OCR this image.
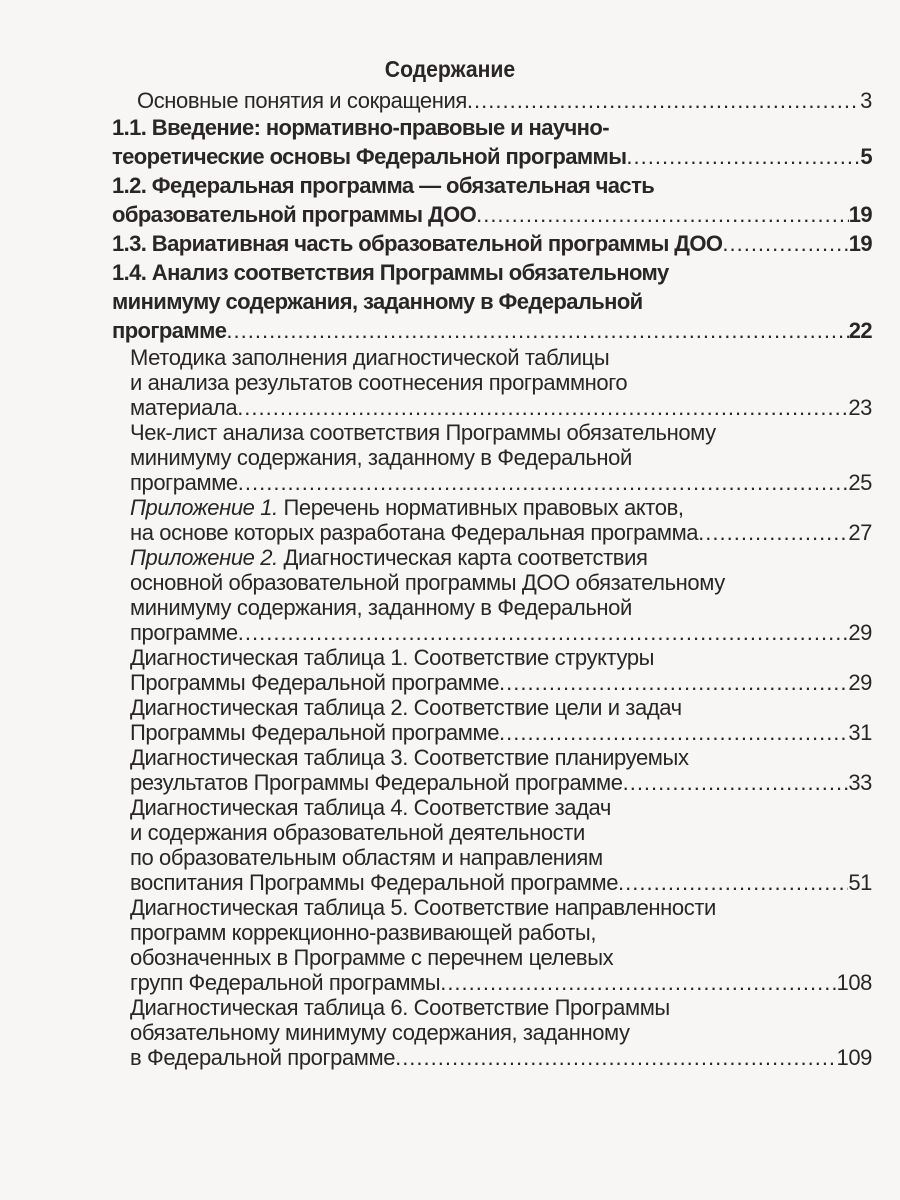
Содержание
Основные понятия и сокращения .....	3
1.1. Введение: нормативно-правовые и научно-
теоретические основы Федеральной программы .....	5
1.2. Федеральная программа — обязательная часть
образовательной программы ДОО .....	19
1.3. Вариативная часть образовательной программы ДОО .....	19
1.4. Анализ соответствия Программы обязательному
минимуму содержания, заданному в Федеральной
программе .....	22
Методика заполнения диагностической таблицы
и анализа результатов соотнесения программного
материала .....	23
Чек-лист анализа соответствия Программы обязательному
минимуму содержания, заданному в Федеральной
программе .....	25
Приложение 1. Перечень нормативных правовых актов,
на основе которых разработана Федеральная программа .....	27
Приложение 2. Диагностическая карта соответствия
основной образовательной программы ДОО обязательному
минимуму содержания, заданному в Федеральной
программе .....	29
Диагностическая таблица 1. Соответствие структуры
Программы Федеральной программе .....	29
Диагностическая таблица 2. Соответствие цели и задач
Программы Федеральной программе .....	31
Диагностическая таблица 3. Соответствие планируемых
результатов Программы Федеральной программе .....	33
Диагностическая таблица 4. Соответствие задач
и содержания образовательной деятельности
по образовательным областям и направлениям
воспитания Программы Федеральной программе .....	51
Диагностическая таблица 5. Соответствие направленности
программ коррекционно-развивающей работы,
обозначенных в Программе с перечнем целевых
групп Федеральной программы .....	108
Диагностическая таблица 6. Соответствие Программы
обязательному минимуму содержания, заданному
в Федеральной программе .....	109
